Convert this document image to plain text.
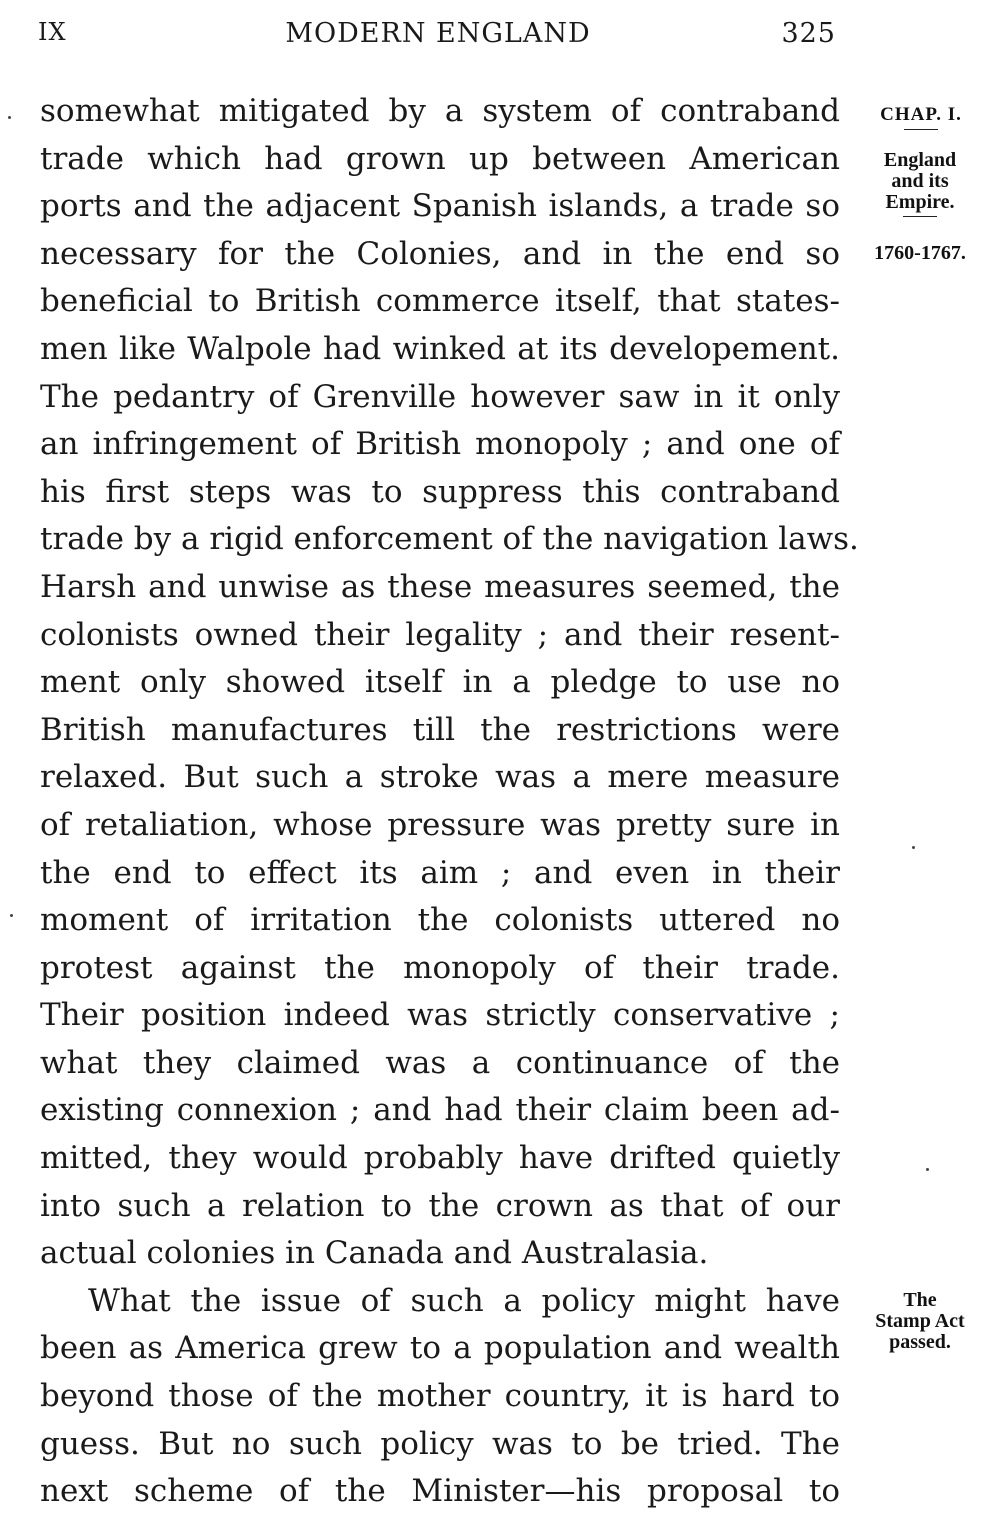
IX	MODERN ENGLAND	325
somewhat mitigated by a system of contraband
trade which had grown up between American
ports and the adjacent Spanish islands, a trade so
necessary for the Colonies, and in the end so
beneficial to British commerce itself, that states-
men like Walpole had winked at its developement.
The pedantry of Grenville however saw in it only
an infringement of British monopoly ; and one of
his first steps was to suppress this contraband
trade by a rigid enforcement of the navigation laws.
Harsh and unwise as these measures seemed, the
colonists owned their legality ; and their resent-
ment only showed itself in a pledge to use no
British manufactures till the restrictions were
relaxed. But such a stroke was a mere measure
of retaliation, whose pressure was pretty sure in
the end to effect its aim ; and even in their
moment of irritation the colonists uttered no
protest against the monopoly of their trade.
Their position indeed was strictly conservative ;
what they claimed was a continuance of the
existing connexion ; and had their claim been ad-
mitted, they would probably have drifted quietly
into such a relation to the crown as that of our
actual colonies in Canada and Australasia.
What the issue of such a policy might have
been as America grew to a population and wealth
beyond those of the mother country, it is hard to
guess. But no such policy was to be tried. The
next scheme of the Minister—his proposal to
CHAP. I.
England
and its
Empire.
1760-1767.
The
Stamp Act
passed.
